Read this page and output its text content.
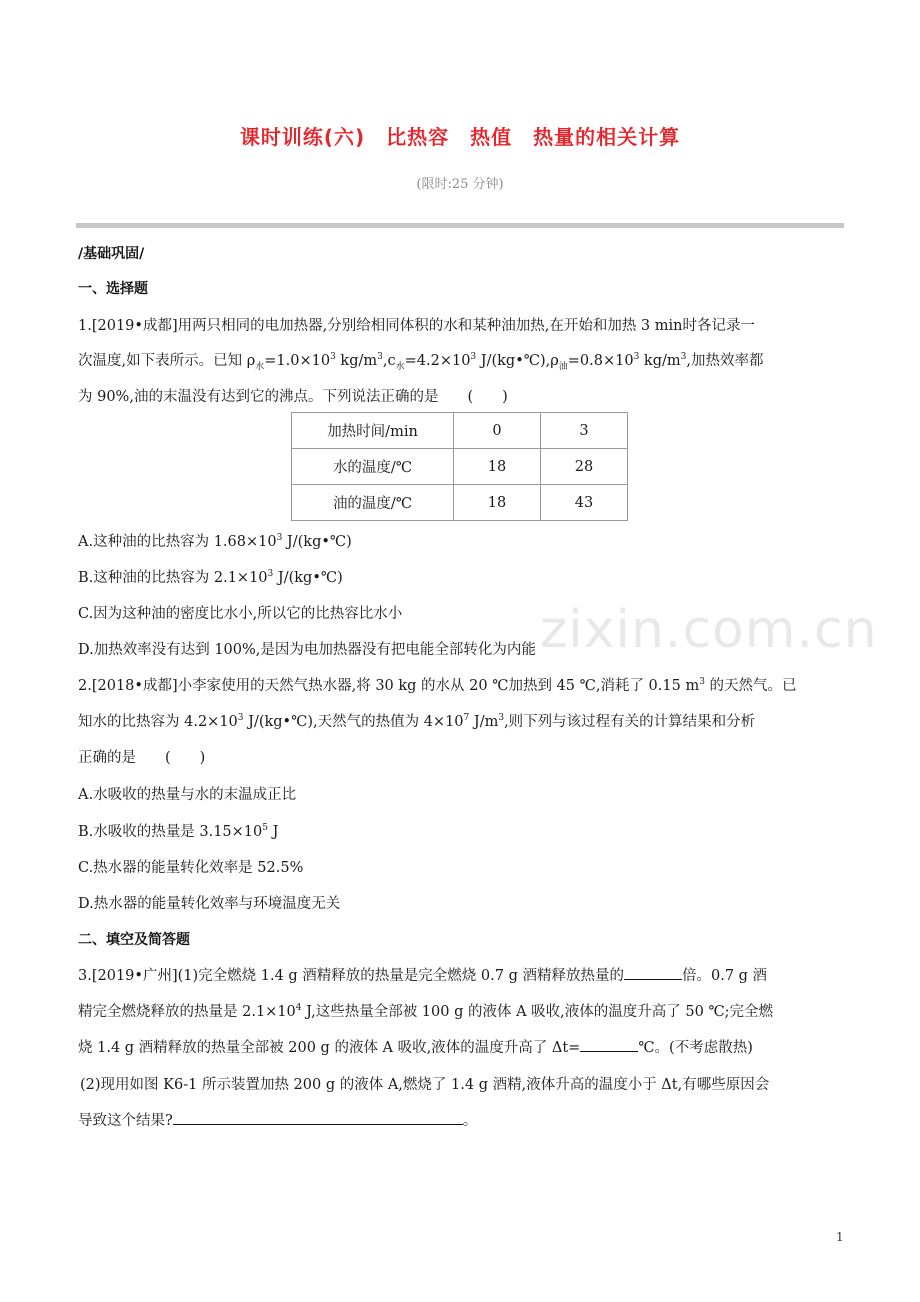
课时训练(六)　比热容　热值　热量的相关计算
(限时:25 分钟)
/基础巩固/
一、选择题
1.[2019•成都]用两只相同的电加热器,分别给相同体积的水和某种油加热,在开始和加热 3 min时各记录一
次温度,如下表所示。已知 $\rho_水=1.0\times 10^3$ $kg/m^3,c_水=4.2\times 10^3$ $J/(kg•℃),\rho_油=0.8\times 10^3$ $kg/m^3$,加热效率都
为 90%,油的末温没有达到它的沸点。下列说法正确的是　　(　　)
加热时间/min	0	3
水的温度/℃	18	28
油的温度/℃	18	43
A.这种油的比热容为 $1.68\times 10^3$ J/(kg•℃)
B.这种油的比热容为 $2.1\times 10^3$ J/(kg•℃)
C.因为这种油的密度比水小,所以它的比热容比水小
D.加热效率没有达到 100%,是因为电加热器没有把电能全部转化为内能
2.[2018•成都]小李家使用的天然气热水器,将 30 kg 的水从 20 ℃加热到 45 ℃,消耗了 0.15 $m^3$ 的天然气。已
知水的比热容为 $4.2\times 10^3$ J/(kg•℃),天然气的热值为 $4\times 10^7$ $J/m^3$,则下列与该过程有关的计算结果和分析
正确的是　　(　　)
A.水吸收的热量与水的末温成正比
B.水吸收的热量是 $3.15\times 10^5$ J
C.热水器的能量转化效率是 52.5%
D.热水器的能量转化效率与环境温度无关
二、填空及简答题
3.[2019•广州](1)完全燃烧 1.4 g 酒精释放的热量是完全燃烧 0.7 g 酒精释放热量的	倍。0.7 g 酒
精完全燃烧释放的热量是 $2.1\times 10^4$ J,这些热量全部被 100 g 的液体 A 吸收,液体的温度升高了 50 ℃;完全燃
烧 1.4 g 酒精释放的热量全部被 200 g 的液体 A 吸收,液体的温度升高了 Δt=	℃。(不考虑散热)
(2)现用如图 K6-1 所示装置加热 200 g 的液体 A,燃烧了 1.4 g 酒精,液体升高的温度小于 Δt,有哪些原因会
导致这个结果?	。
zixin.com.cn
1
